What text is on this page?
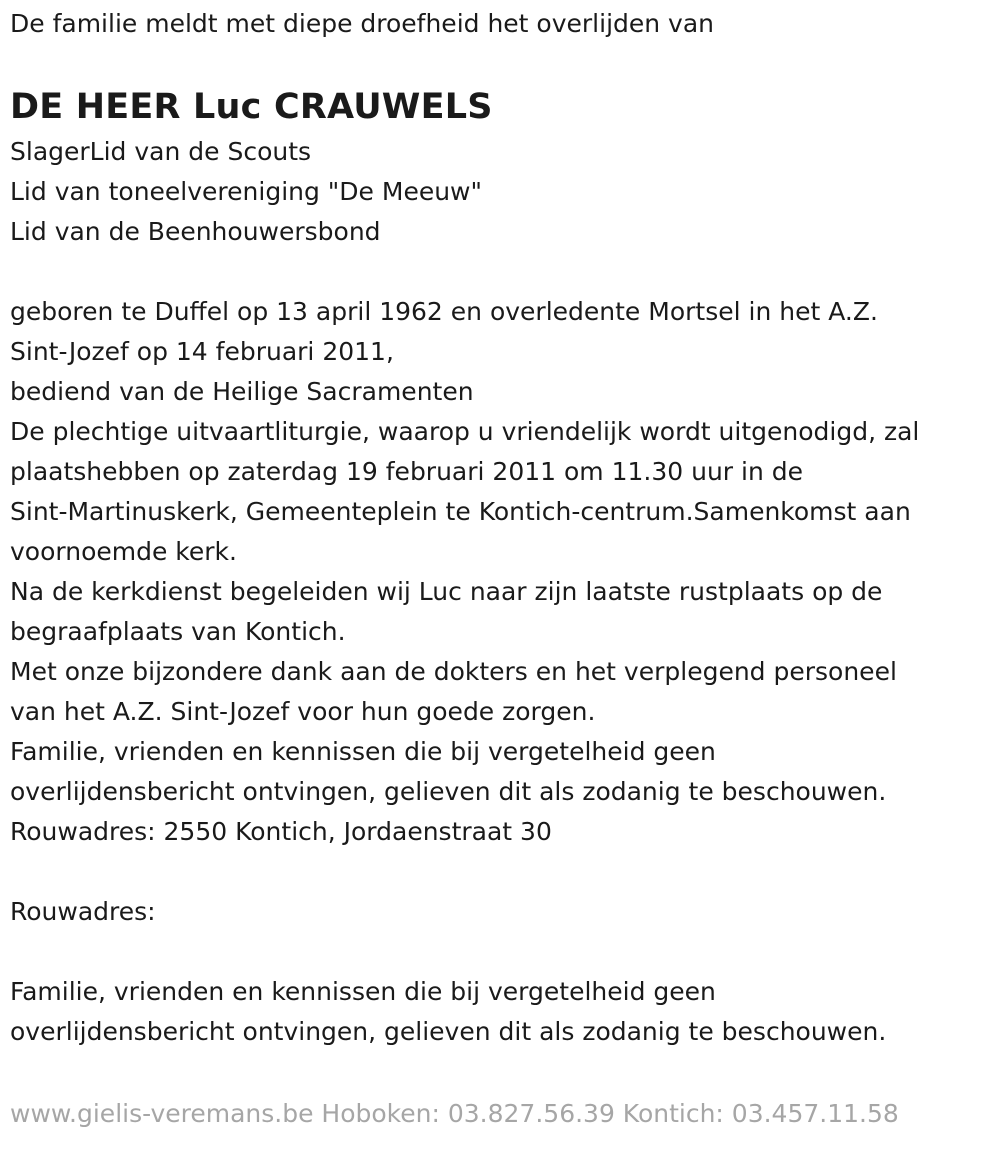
De familie meldt met diepe droefheid het overlijden van
DE HEER Luc CRAUWELS
SlagerLid van de Scouts
Lid van toneelvereniging "De Meeuw"
Lid van de Beenhouwersbond
geboren te Duffel op 13 april 1962 en overledente Mortsel in het A.Z.
Sint-Jozef op 14 februari 2011,
bediend van de Heilige Sacramenten
De plechtige uitvaartliturgie, waarop u vriendelijk wordt uitgenodigd, zal
plaatshebben op zaterdag 19 februari 2011 om 11.30 uur in de
Sint-Martinuskerk, Gemeenteplein te Kontich-centrum.Samenkomst aan
voornoemde kerk.
Na de kerkdienst begeleiden wij Luc naar zijn laatste rustplaats op de
begraafplaats van Kontich.
Met onze bijzondere dank aan de dokters en het verplegend personeel
van het A.Z. Sint-Jozef voor hun goede zorgen.
Familie, vrienden en kennissen die bij vergetelheid geen
overlijdensbericht ontvingen, gelieven dit als zodanig te beschouwen.
Rouwadres: 2550 Kontich, Jordaenstraat 30
Rouwadres:
Familie, vrienden en kennissen die bij vergetelheid geen
overlijdensbericht ontvingen, gelieven dit als zodanig te beschouwen.
www.gielis-veremans.be Hoboken: 03.827.56.39 Kontich: 03.457.11.58
